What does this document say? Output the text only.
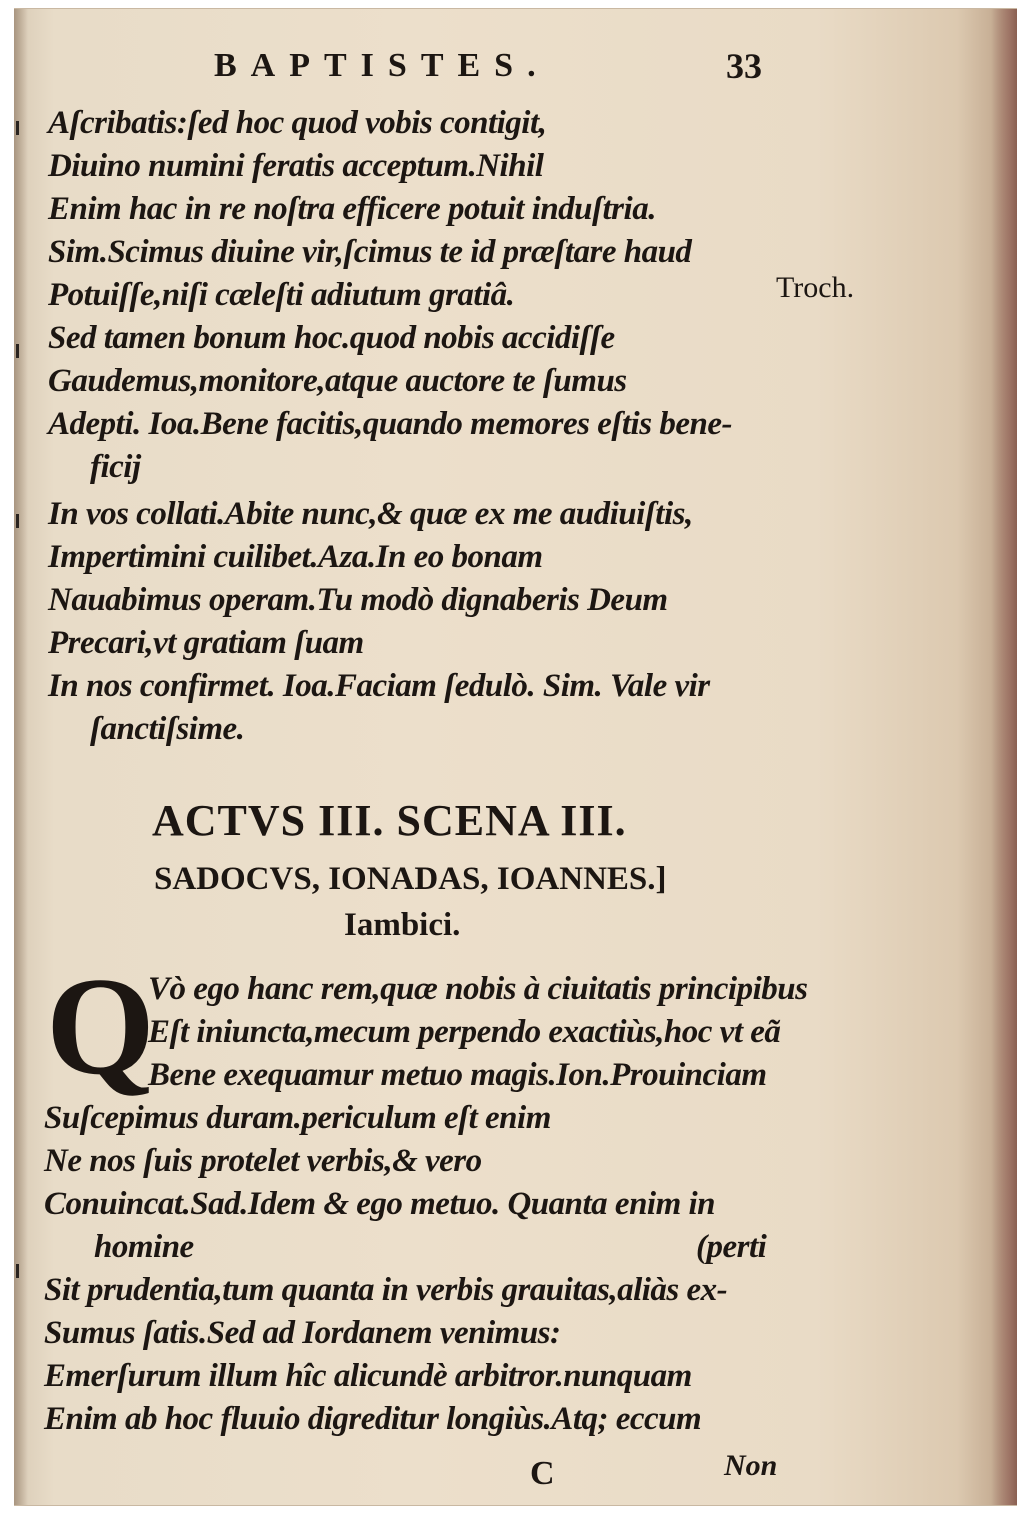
BAPTISTES.	33
Troch.
Aſcribatis:ſed hoc quod vobis contigit,
Diuino numini feratis acceptum.Nihil
Enim hac in re noſtra efficere potuit induſtria.
Sim.Scimus diuine vir,ſcimus te id præſtare haud
Potuiſſe,niſi cæleſti adiutum gratiâ.
Sed tamen bonum hoc.quod nobis accidiſſe
Gaudemus,monitore,atque auctore te ſumus
Adepti. Ioa.Bene facitis,quando memores eſtis bene-
ficij
In vos collati.Abite nunc,& quæ ex me audiuiſtis,
Impertimini cuilibet.Aza.In eo bonam
Nauabimus operam.Tu modò dignaberis Deum
Precari,vt gratiam ſuam
In nos confirmet. Ioa.Faciam ſedulò. Sim. Vale vir
ſanctiſsime.
ACTVS III. SCENA III.
SADOCVS, IONADAS, IOANNES.]
Iambici.
Q
Vò ego hanc rem,quæ nobis à ciuitatis principibus
Eſt iniuncta,mecum perpendo exactiùs,hoc vt eã
Bene exequamur metuo magis.Ion.Prouinciam
Suſcepimus duram.periculum eſt enim
Ne nos ſuis protelet verbis,& vero
Conuincat.Sad.Idem & ego metuo. Quanta enim in
homine	(perti
Sit prudentia,tum quanta in verbis grauitas,aliàs ex-
Sumus ſatis.Sed ad Iordanem venimus:
Emerſurum illum hîc alicundè arbitror.nunquam
Enim ab hoc fluuio digreditur longiùs.Atq; eccum
C	Non
